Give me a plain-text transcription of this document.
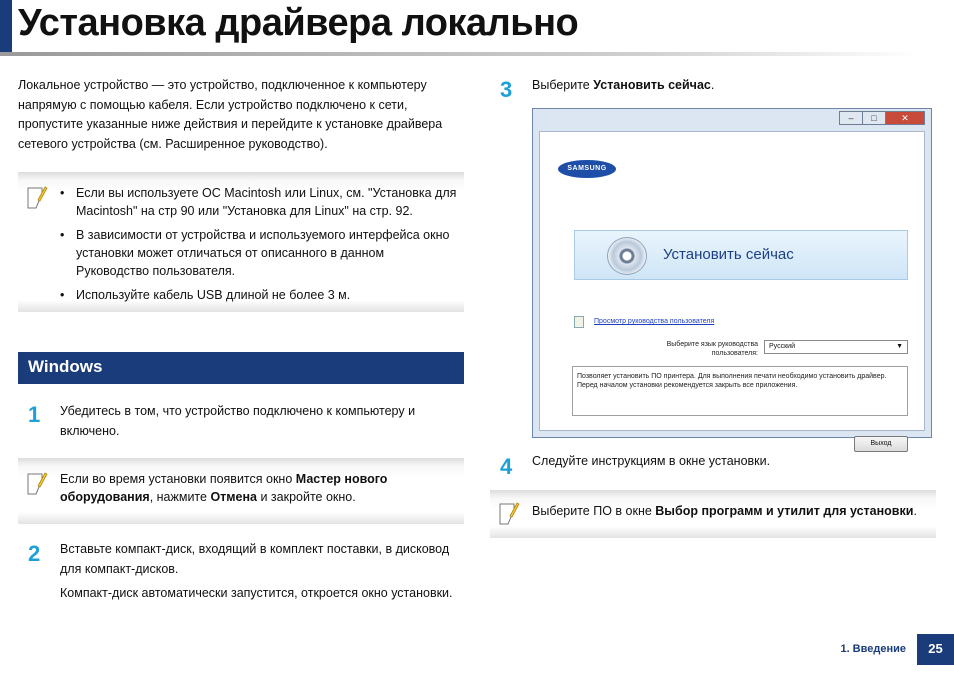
Установка драйвера локально
Локальное устройство — это устройство, подключенное к компьютеру напрямую с помощью кабеля. Если устройство подключено к сети, пропустите указанные ниже действия и перейдите к установке драйвера сетевого устройства (см. Расширенное руководство).
• Если вы используете ОС Macintosh или Linux, см. "Установка для Macintosh" на стр 90 или "Установка для Linux" на стр. 92.
• В зависимости от устройства и используемого интерфейса окно установки может отличаться от описанного в данном Руководство пользователя.
• Используйте кабель USB длиной не более 3 м.
Windows
1 Убедитесь в том, что устройство подключено к компьютеру и включено.
Если во время установки появится окно Мастер нового оборудования, нажмите Отмена и закройте окно.
2 Вставьте компакт-диск, входящий в комплект поставки, в дисковод для компакт-дисков.
Компакт-диск автоматически запустится, откроется окно установки.
3 Выберите Установить сейчас.
–	□	✕
SAMSUNG
Установить сейчас
Просмотр руководства пользователя
Выберите язык руководства пользователя:
Русский	▼
Позволяет установить ПО принтера. Для выполнения печати необходимо установить драйвер. Перед началом установки рекомендуется закрыть все приложения.
Выход
4 Следуйте инструкциям в окне установки.
Выберите ПО в окне Выбор программ и утилит для установки.
1. Введение	25
